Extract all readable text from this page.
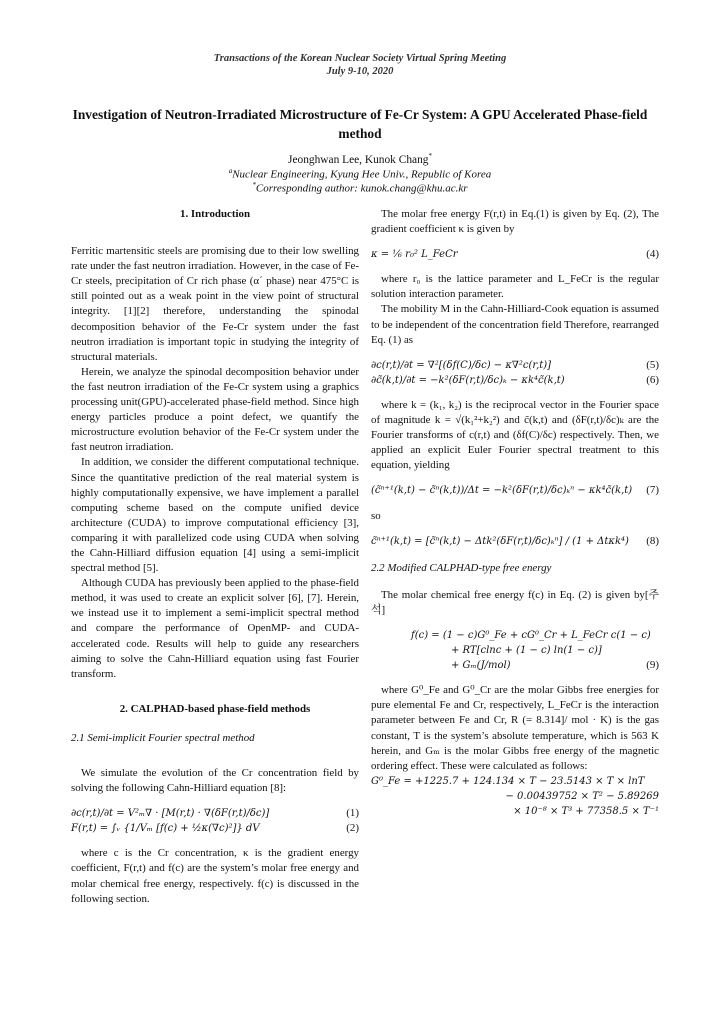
Transactions of the Korean Nuclear Society Virtual Spring Meeting
July 9-10, 2020
Investigation of Neutron-Irradiated Microstructure of Fe-Cr System: A GPU Accelerated Phase-field method
Jeonghwan Lee, Kunok Chang*
$^a$Nuclear Engineering, Kyung Hee Univ., Republic of Korea
*Corresponding author: kunok.chang@khu.ac.kr
1. Introduction

Ferritic martensitic steels are promising due to their low swelling rate under the fast neutron irradiation. However, in the case of Fe-Cr steels, precipitation of Cr rich phase (α´ phase) near 475°C is still pointed out as a weak point in the view point of structural integrity. [1][2] therefore, understanding the spinodal decomposition behavior of the Fe-Cr system under the fast neutron irradiation is important topic in studying the integrity of structural materials.

Herein, we analyze the spinodal decomposition behavior under the fast neutron irradiation of the Fe-Cr system using a graphics processing unit(GPU)-accelerated phase-field method. Since high energy particles produce a point defect, we quantify the microstructure evolution behavior of the Fe-Cr system under the fast neutron irradiation.

In addition, we consider the different computational technique. Since the quantitative prediction of the real material system is highly computationally expensive, we have implement a parallel computing scheme based on the compute unified device architecture (CUDA) to improve computational efficiency [3], comparing it with parallelized code using CUDA when solving the Cahn-Hilliard diffusion equation [4] using a semi-implicit spectral method [5].

Although CUDA has previously been applied to the phase-field method, it was used to create an explicit solver [6], [7]. Herein, we instead use it to implement a semi-implicit spectral method and compare the performance of OpenMP- and CUDA-accelerated code. Results will help to guide any researchers aiming to solve the Cahn-Hilliard equation using fast Fourier transform.

2. CALPHAD-based phase-field methods
2.1 Semi-implicit Fourier spectral method

We simulate the evolution of the Cr concentration field by solving the following Cahn-Hilliard equation [8]:

∂c(r,t)/∂t = V²ₘ∇ · [M(r,t) · ∇(δF(r,t)/δc)]	(1)
F(r,t) = ∫ᵥ {1/Vₘ [f(c) + ½κ(∇c)²]} dV	(2)

where c is the Cr concentration, κ is the gradient energy coefficient, F(r,t) and f(c) are the system’s molar free energy and molar chemical free energy, respectively. f(c) is discussed in the following section.

The molar free energy F(r,t) in Eq.(1) is given by Eq. (2), The gradient coefficient κ is given by

κ = ⅙ r₀² L_FeCr	(4)

where r₀ is the lattice parameter and L_FeCr is the regular solution interaction parameter.

The mobility M in the Cahn-Hilliard-Cook equation is assumed to be independent of the concentration field Therefore, rearranged Eq. (1) as

∂c(r,t)/∂t = ∇²[(δf(C)/δc) − κ∇²c(r,t)]	(5)
∂c̃(k,t)/∂t = −k²(δF(r,t)/δc)ₖ − κk⁴c̃(k,t)	(6)

where k = (k₁, k₂) is the reciprocal vector in the Fourier space of magnitude k = √(k₁²+k₂²) and c̃(k,t) and (δF(r,t)/δc)ₖ are the Fourier transforms of c(r,t) and (δf(C)/δc) respectively. Then, we applied an explicit Euler Fourier spectral treatment to this equation, yielding

(c̃ⁿ⁺¹(k,t) − c̃ⁿ(k,t))/Δt = −k²(δF(r,t)/δc)ₖⁿ − κk⁴c̃(k,t) (7)

so

c̃ⁿ⁺¹(k,t) = [c̃ⁿ(k,t) − Δtk²(δF(r,t)/δc)ₖⁿ] / (1 + Δtκk⁴) (8)
2.2 Modified CALPHAD-type free energy

The molar chemical free energy f(c) in Eq. (2) is given by[주석]

f(c) = (1 − c)G⁰_Fe + cG⁰_Cr + L_FeCr c(1 − c)
+ RT[clnc + (1 − c) ln(1 − c)]
+ Gₘ(J/mol)	(9)

where G⁰_Fe and G⁰_Cr are the molar Gibbs free energies for pure elemental Fe and Cr, respectively, L_FeCr is the interaction parameter between Fe and Cr, R (= 8.314]/ mol · K) is the gas constant, T is the system’s absolute temperature, which is 563 K herein, and Gₘ is the molar Gibbs free energy of the magnetic ordering effect. These were calculated as follows:

G⁰_Fe = +1225.7 + 124.134 × T − 23.5143 × T × lnT
− 0.00439752 × T² − 5.89269
× 10⁻⁸ × T³ + 77358.5 × T⁻¹
